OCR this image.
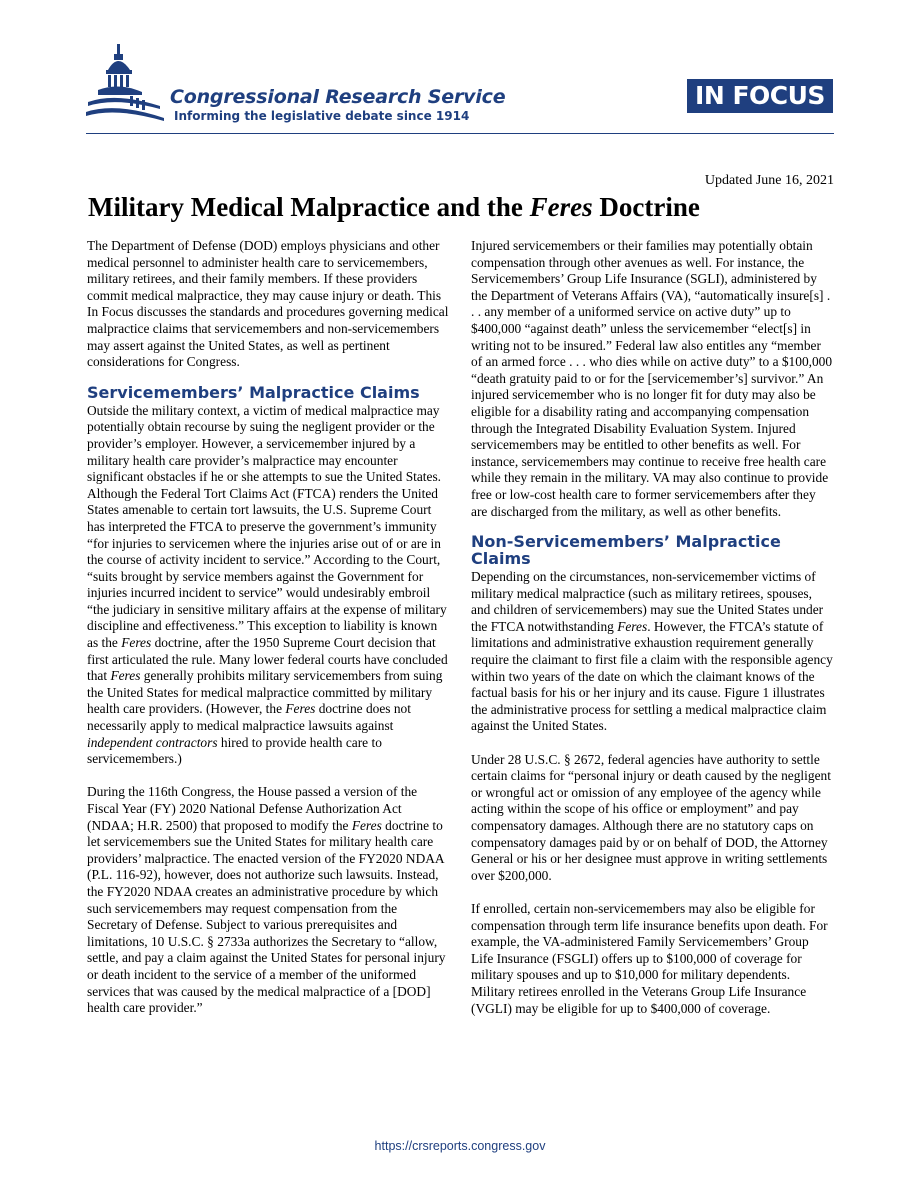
Congressional Research Service
Informing the legislative debate since 1914
IN FOCUS
Updated June 16, 2021
Military Medical Malpractice and the Feres Doctrine

The Department of Defense (DOD) employs physicians and other medical personnel to administer health care to servicemembers, military retirees, and their family members. If these providers commit medical malpractice, they may cause injury or death. This In Focus discusses the standards and procedures governing medical malpractice claims that servicemembers and non-servicemembers may assert against the United States, as well as pertinent considerations for Congress.

Servicemembers’ Malpractice Claims

Outside the military context, a victim of medical malpractice may potentially obtain recourse by suing the negligent provider or the provider’s employer. However, a servicemember injured by a military health care provider’s malpractice may encounter significant obstacles if he or she attempts to sue the United States. Although the Federal Tort Claims Act (FTCA) renders the United States amenable to certain tort lawsuits, the U.S. Supreme Court has interpreted the FTCA to preserve the government’s immunity “for injuries to servicemen where the injuries arise out of or are in the course of activity incident to service.” According to the Court, “suits brought by service members against the Government for injuries incurred incident to service” would undesirably embroil “the judiciary in sensitive military affairs at the expense of military discipline and effectiveness.” This exception to liability is known as the Feres doctrine, after the 1950 Supreme Court decision that first articulated the rule. Many lower federal courts have concluded that Feres generally prohibits military servicemembers from suing the United States for medical malpractice committed by military health care providers. (However, the Feres doctrine does not necessarily apply to medical malpractice lawsuits against independent contractors hired to provide health care to servicemembers.)

During the 116th Congress, the House passed a version of the Fiscal Year (FY) 2020 National Defense Authorization Act (NDAA; H.R. 2500) that proposed to modify the Feres doctrine to let servicemembers sue the United States for military health care providers’ malpractice. The enacted version of the FY2020 NDAA (P.L. 116-92), however, does not authorize such lawsuits. Instead, the FY2020 NDAA creates an administrative procedure by which such servicemembers may request compensation from the Secretary of Defense. Subject to various prerequisites and limitations, 10 U.S.C. § 2733a authorizes the Secretary to “allow, settle, and pay a claim against the United States for personal injury or death incident to the service of a member of the uniformed services that was caused by the medical malpractice of a [DOD] health care provider.”

Injured servicemembers or their families may potentially obtain compensation through other avenues as well. For instance, the Servicemembers’ Group Life Insurance (SGLI), administered by the Department of Veterans Affairs (VA), “automatically insure[s] . . . any member of a uniformed service on active duty” up to $400,000 “against death” unless the servicemember “elect[s] in writing not to be insured.” Federal law also entitles any “member of an armed force . . . who dies while on active duty” to a $100,000 “death gratuity paid to or for the [servicemember’s] survivor.” An injured servicemember who is no longer fit for duty may also be eligible for a disability rating and accompanying compensation through the Integrated Disability Evaluation System. Injured servicemembers may be entitled to other benefits as well. For instance, servicemembers may continue to receive free health care while they remain in the military. VA may also continue to provide free or low-cost health care to former servicemembers after they are discharged from the military, as well as other benefits.

Non-Servicemembers’ Malpractice Claims

Depending on the circumstances, non-servicemember victims of military medical malpractice (such as military retirees, spouses, and children of servicemembers) may sue the United States under the FTCA notwithstanding Feres. However, the FTCA’s statute of limitations and administrative exhaustion requirement generally require the claimant to first file a claim with the responsible agency within two years of the date on which the claimant knows of the factual basis for his or her injury and its cause. Figure 1 illustrates the administrative process for settling a medical malpractice claim against the United States.

Under 28 U.S.C. § 2672, federal agencies have authority to settle certain claims for “personal injury or death caused by the negligent or wrongful act or omission of any employee of the agency while acting within the scope of his office or employment” and pay compensatory damages. Although there are no statutory caps on compensatory damages paid by or on behalf of DOD, the Attorney General or his or her designee must approve in writing settlements over $200,000.

If enrolled, certain non-servicemembers may also be eligible for compensation through term life insurance benefits upon death. For example, the VA-administered Family Servicemembers’ Group Life Insurance (FSGLI) offers up to $100,000 of coverage for military spouses and up to $10,000 for military dependents. Military retirees enrolled in the Veterans Group Life Insurance (VGLI) may be eligible for up to $400,000 of coverage.

https://crsreports.congress.gov
